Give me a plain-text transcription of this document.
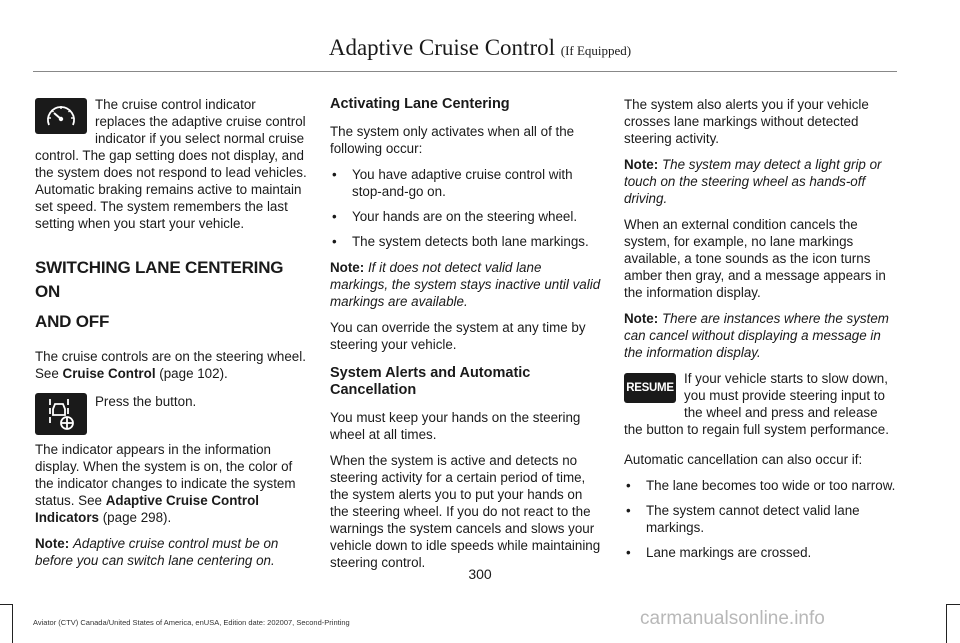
Adaptive Cruise Control (If Equipped)

The cruise control indicator replaces the adaptive cruise control indicator if you select normal cruise control. The gap setting does not display, and the system does not respond to lead vehicles. Automatic braking remains active to maintain set speed. The system remembers the last setting when you start your vehicle.

SWITCHING LANE CENTERING ON
AND OFF

The cruise controls are on the steering wheel. See Cruise Control (page 102).

Press the button.

The indicator appears in the information display. When the system is on, the color of the indicator changes to indicate the system status. See Adaptive Cruise Control Indicators (page 298).

Note: Adaptive cruise control must be on before you can switch lane centering on.

Activating Lane Centering

The system only activates when all of the following occur:

• You have adaptive cruise control with stop-and-go on.
• Your hands are on the steering wheel.
• The system detects both lane markings.

Note: If it does not detect valid lane markings, the system stays inactive until valid markings are available.

You can override the system at any time by steering your vehicle.

System Alerts and Automatic Cancellation

You must keep your hands on the steering wheel at all times.

When the system is active and detects no steering activity for a certain period of time, the system alerts you to put your hands on the steering wheel. If you do not react to the warnings the system cancels and slows your vehicle down to idle speeds while maintaining steering control.

The system also alerts you if your vehicle crosses lane markings without detected steering activity.

Note: The system may detect a light grip or touch on the steering wheel as hands-off driving.

When an external condition cancels the system, for example, no lane markings available, a tone sounds as the icon turns amber then gray, and a message appears in the information display.

Note: There are instances where the system can cancel without displaying a message in the information display.

RESUME

If your vehicle starts to slow down, you must provide steering input to the wheel and press and release the button to regain full system performance.

Automatic cancellation can also occur if:

• The lane becomes too wide or too narrow.
• The system cannot detect valid lane markings.
• Lane markings are crossed.
300
Aviator (CTV) Canada/United States of America, enUSA, Edition date: 202007, Second-Printing	carmanualsonline.info
